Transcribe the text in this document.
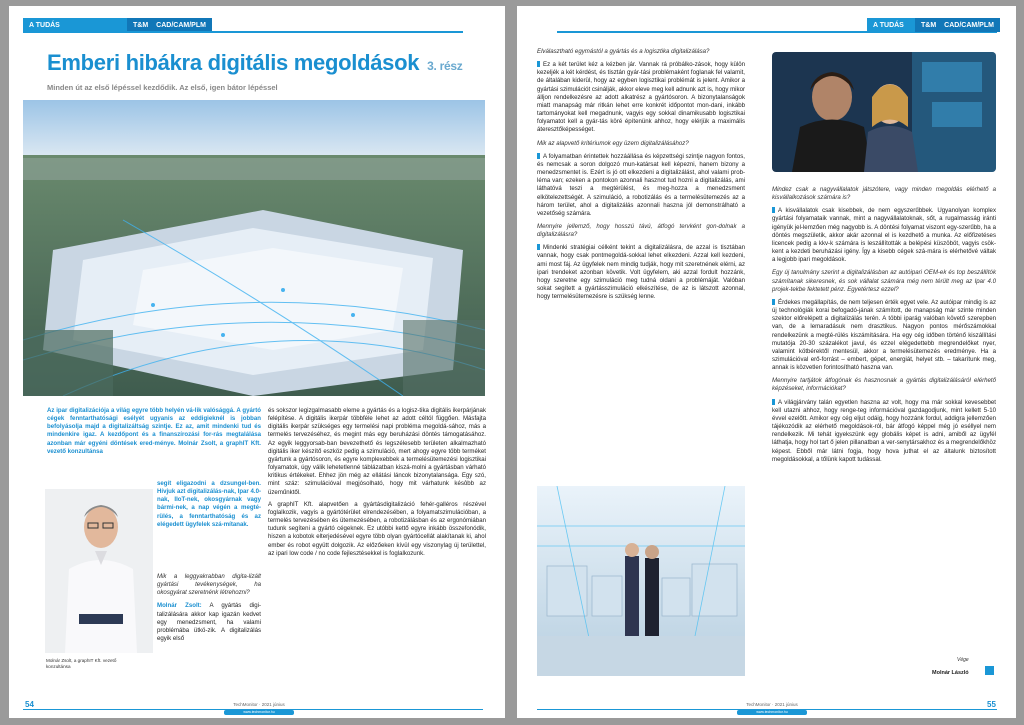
A TUDÁS	T&M	CAD/CAM/PLM
Emberi hibákra digitális megoldások 3. rész
Minden út az első lépéssel kezdődik. Az első, igen bátor lépéssel

Az ipar digitalizációja a világ egyre több helyén vá-lik valósággá. A gyártó cégek fenntarthatósági esélyét ugyanis az eddigieknél is jobban befolyásolja majd a digitalizáltság szintje. Ez az, amit mindenki tud és mindenkire igaz. A kezdőpont és a finanszírozási for-rás megtalálása azonban már egyéni döntések ered-ménye. Molnár Zsolt, a graphIT Kft. vezető konzultánsa

segít eligazodni a dzsungel-ben. Hívjuk azt digitalizálás-nak, Ipar 4.0-nak, IIoT-nek, okosgyárnak vagy bármi-nek, a nap végén a megté-rülés, a fenntarthatóság és az elégedett ügyfelek szá-mítanak.

Molnár Zsolt, a graphIT Kft. vezető konzultánsa

Mik a leggyakrabban digita-lizált gyártási tevékenységek, ha okosgyárat szeretnénk létrehozni?

Molnár Zsolt: A gyártás digi-talizálására akkor kap igazán kedvet egy menedzsment, ha valami problémába ütkö-zik. A digitalizálás egyik első

és sokszor legizgalmasabb eleme a gyártás és a logisz-tika digitális ikerpárjának felépítése. A digitális ikerpár többféle lehet az adott céltól függően. Másfajta digitális ikerpár szükséges egy termelési napi probléma megoldá-sához, más a termelés tervezéséhez, és megint más egy beruházási döntés támogatásához. Az egyik leggyorsab-ban bevezethető és legszélesebb területen alkalmazható digitális iker készítő eszköz pedig a szimuláció, mert ahogy egyre több terméket gyártunk a gyártósoron, és egyre komplexebbek a termelésütemezési logisztikai folyamatok, úgy válik lehetetlenné táblázatban kiszá-molni a gyártásban várható kritikus értékeket. Ehhez jön még az ellátási láncok bizonytalansága. Egy szó, mint száz: szimulációval megjósolható, hogy mit várhatunk késôbb az üzeműnktől.

A graphIT Kft. alapvetően a gyártásdigitalizáció fehér-galléros részével foglalkozik, vagyis a gyártótérület elrendezésében, a folyamatszimulációban, a termelés tervezésében és ütemezésében, a robotizálásban és az ergonómiában tudunk segíteni a gyártó cégeknek. Ez utóbbi kettő egyre inkább összefonódik, hiszen a kobotok elterjedésével egyre több olyan gyártócellát alakítanak ki, ahol ember és robot együtt dolgozik. Az előzőeken kívül egy viszonylag új területtel, az ipari low code / no code fejlesztésekkel is foglalkozunk.

54	TechMonitor · 2021 június
www.techmonitor.hu
A TUDÁS	T&M	CAD/CAM/PLM

Elválasztható egymástól a gyártás és a logisztika digitalizálása?

Ez a két terület kéz a kézben jár. Vannak rá próbálko-zások, hogy külön kezeljék a két kérdést, és tisztán gyár-tási problémaként foglanak fel valamit, de általában kiderül, hogy az egyben logisztikai problémát is jelent. Amikor a gyártási szimulációt csinálják, akkor eleve meg kell adnunk azt is, hogy mikor álljon rendelkezésre az adott alkatrész a gyártósoron. A bizonytalanságok miatt manapság már ritkán lehet erre konkrét időpontot mon-dani, inkább tartományokat kell megadnunk, vagyis egy sokkal dinamikusabb logisztikai folyamatot kell a gyár-tás köré építenünk ahhoz, hogy elérjük a maximális áteresztőképességet.

Mik az alapvető kritériumok egy üzem digitalizálásához?

A folyamatban érintettek hozzáállása és képzettségi szintje nagyon fontos, és nemcsak a soron dolgozó mun-katársat kell képezni, hanem bizony a menedzsmentet is. Ezért is jó ott elkezdeni a digitalizálást, ahol valami prob-léma van; ezeken a pontokon azonnali hasznot tud hozni a digitalizálás, ami láthatóvá teszi a megtérülést, és meg-hozza a menedzsment elkötelezettségét. A szimuláció, a robotizálás és a termelésütemezés az a három terület, ahol a digitalizálás azonnali haszna jól demonstrálható a vezetőség számára.

Mennyire jellemző, hogy hosszú távú, átfogó tervként gon-dolnak a digitalizálásra?

Mindenki stratégiai célként tekint a digitalizálásra, de azzal is tisztában vannak, hogy csak pontmegoldá-sokkal lehet elkezdeni. Azzal kell kezdeni, ami most fáj. Az ügyfelek nem mindig tudják, hogy mit szeretnének elérni, az ipari trendeket azonban követik. Volt ügyfelem, aki azzal fordult hozzánk, hogy szeretne egy szimuláció meg tudná oldani a problémáját. Valóban sokat segített a gyártásszimuláció elkészítése, de az is látszott azonnal, hogy termelésütemezésre is szükség lenne.

Mindez csak a nagyvállalatok játszótere, vagy minden megoldás elérhető a kisvállalkozások számára is?

A kisvállalatok csak kisebbek, de nem egyszerűbbek. Ugyanolyan komplex gyártási folyamataik vannak, mint a nagyvállalatoknak, sőt, a rugalmasság iránti igényük jel-lemzően még nagyobb is. A döntési folyamat viszont egy-szerűbb, ha a döntés megszületik, akkor akár azonnal el is kezdhető a munka. Az előfizetéses licencek pedig a kkv-k számára is leszállították a belépési küszöböt, vagyis csök-kent a kezdeti beruházási igény. Így a kisebb cégek szá-mára is elérhetővé váltak a legjobb ipari megoldások.

Egy új tanulmány szerint a digitalizálásban az autóipari OEM-ek és top beszállítók számítanak sikeresnek, és sok vállalat számára még nem térült meg az Ipar 4.0 projek-tekbe fektetett pénz. Egyetértesz ezzel?

Érdekes megállapítás, de nem teljesen érték egyet vele. Az autóipar mindig is az új technológiák korai befogadó-jának számított, de manapság már szinte minden szektor előrelépett a digitalizálás terén. A többi iparág valóban követő szerepben van, de a lemaradásuk nem drasztikus. Nagyon pontos mérőszámokkal rendelkezünk a megté-rülés kiszámítására. Ha egy cég időben történő kiszállítási mutatója 20-30 százalékot javul, és ezzel elégedettebb megrendelőket nyer, valamint kötbérektől mentesül, akkor a termelésütemezés eredménye. Ha a szimulációval erő-forrást – embert, gépet, energiát, helyet stb. – takarítunk meg, annak is közvetlen forintosítható haszna van.

Mennyire tartjátok átfogónak és hasznosnak a gyártás digitalizálásáról elérhető képzéseket, információkat?

A világjárvány talán egyetlen haszna az volt, hogy ma már sokkal kevesebbet kell utazni ahhoz, hogy renge-teg információval gazdagodjunk, mint kellett 5-10 évvel ezelőtt. Amikor egy cég eljut odáig, hogy hozzánk fordul, addigra jellemzően tájékozódik az elérhető megoldások-ról, bár átfogó képpel még jó eséllyel nem rendelkezik. Mi tehát igyekszünk egy globális képet is adni, amiből az ügyfél láthatja, hogy hol tart ő jelen pillanatban a ver-senytársakhoz és a megrendelőkhöz képest. Ebből már látni fogja, hogy hova juthat el az általunk biztosított megoldásokkal, a tőlünk kapott tudással.

Vége
Molnár László
55
TechMonitor · 2021 június
www.techmonitor.hu
